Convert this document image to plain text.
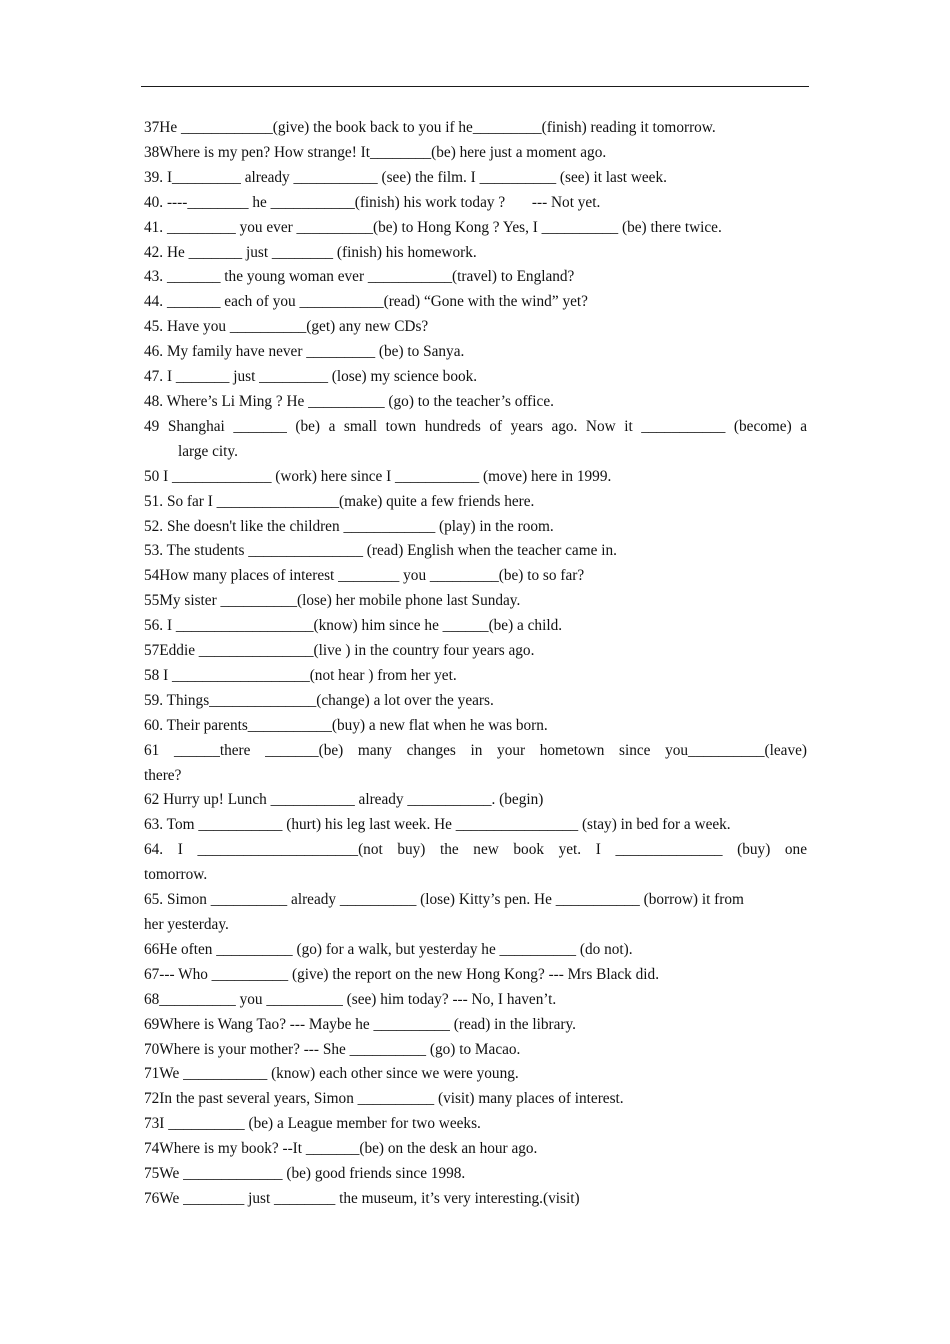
37He ____________(give) the book back to you if he_________(finish) reading it tomorrow.

38Where is my pen? How strange! It________(be) here just a moment ago.

39. I_________ already ___________ (see) the film. I __________ (see) it last week.

40. ----________ he ___________(finish) his work today ?       --- Not yet.

41. _________ you ever __________(be) to Hong Kong ? Yes, I __________ (be) there twice.

42. He _______ just ________ (finish) his homework.

43. _______ the young woman ever ___________(travel) to England?

44. _______ each of you ___________(read) “Gone with the wind” yet?

45. Have you __________(get) any new CDs?

46. My family have never _________ (be) to Sanya.

47. I _______ just _________ (lose) my science book.

48. Where’s Li Ming ? He __________ (go) to the teacher’s office.

49 Shanghai _______ (be) a small town hundreds of years ago. Now it ___________ (become) a

large city.

50 I _____________ (work) here since I ___________ (move) here in 1999.

51. So far I ________________(make) quite a few friends here.

52. She doesn't like the children ____________ (play) in the room.

53. The students _______________ (read) English when the teacher came in.

54How many places of interest ________ you _________(be) to so far?

55My sister __________(lose) her mobile phone last Sunday.

56. I __________________(know) him since he ______(be) a child.

57Eddie _______________(live ) in the country four years ago.

58 I __________________(not hear ) from her yet.

59. Things______________(change) a lot over the years.

60. Their parents___________(buy) a new flat when he was born.

61 ______there _______(be) many changes in your hometown since you__________(leave)

there?

62 Hurry up! Lunch ___________ already ___________. (begin)

63. Tom ___________ (hurt) his leg last week. He ________________ (stay) in bed for a week.

64. I _____________________(not buy) the new book yet. I ______________ (buy) one

tomorrow.

65. Simon __________ already __________ (lose) Kitty’s pen. He ___________ (borrow) it from

her yesterday.

66He often __________ (go) for a walk, but yesterday he __________ (do not).

67--- Who __________ (give) the report on the new Hong Kong? --- Mrs Black did.

68__________ you __________ (see) him today? --- No, I haven’t.

69Where is Wang Tao? --- Maybe he __________ (read) in the library.

70Where is your mother? --- She __________ (go) to Macao.

71We ___________ (know) each other since we were young.

72In the past several years, Simon __________ (visit) many places of interest.

73I __________ (be) a League member for two weeks.

74Where is my book? --It _______(be) on the desk an hour ago.

75We _____________ (be) good friends since 1998.

76We ________ just ________ the museum, it’s very interesting.(visit)
